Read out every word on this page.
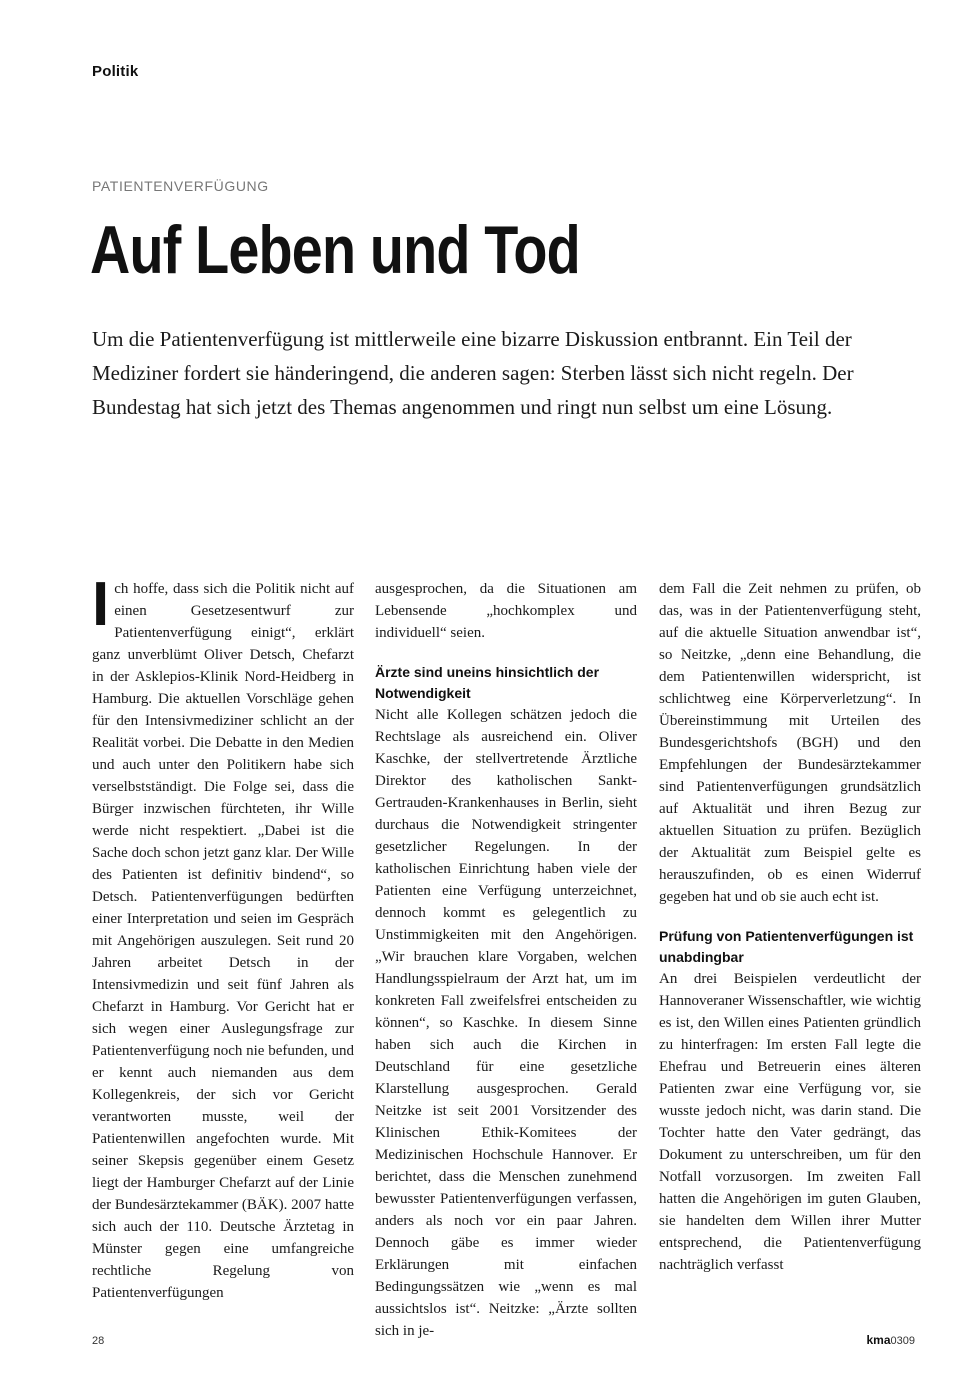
Politik
PATIENTENVERFÜGUNG
Auf Leben und Tod

Um die Patientenverfügung ist mittlerweile eine bizarre Diskussion entbrannt. Ein Teil der Mediziner fordert sie händeringend, die anderen sagen: Sterben lässt sich nicht regeln. Der Bundestag hat sich jetzt des Themas angenommen und ringt nun selbst um eine Lösung.

Ich hoffe, dass sich die Politik nicht auf einen Gesetzesentwurf zur Patientenverfügung einigt“, erklärt ganz unverblümt Oliver Detsch, Chefarzt in der Asklepios-Klinik Nord-Heidberg in Hamburg. Die aktuellen Vorschläge gehen für den Intensivmediziner schlicht an der Realität vorbei. Die Debatte in den Medien und auch unter den Politikern habe sich verselbstständigt. Die Folge sei, dass die Bürger inzwischen fürchteten, ihr Wille werde nicht respektiert. „Dabei ist die Sache doch schon jetzt ganz klar. Der Wille des Patienten ist definitiv bindend“, so Detsch. Patientenverfügungen bedürften einer Interpretation und seien im Gespräch mit Angehörigen auszulegen. Seit rund 20 Jahren arbeitet Detsch in der Intensivmedizin und seit fünf Jahren als Chefarzt in Hamburg. Vor Gericht hat er sich wegen einer Auslegungsfrage zur Patientenverfügung noch nie befunden, und er kennt auch niemanden aus dem Kollegenkreis, der sich vor Gericht verantworten musste, weil der Patientenwillen angefochten wurde. Mit seiner Skepsis gegenüber einem Gesetz liegt der Hamburger Chefarzt auf der Linie der Bundesärztekammer (BÄK). 2007 hatte sich auch der 110. Deutsche Ärztetag in Münster gegen eine umfangreiche rechtliche Regelung von Patientenverfügungen

ausgesprochen, da die Situationen am Lebensende „hochkomplex und individuell“ seien.

Ärzte sind uneins hinsichtlich der Notwendigkeit

Nicht alle Kollegen schätzen jedoch die Rechtslage als ausreichend ein. Oliver Kaschke, der stellvertretende Ärztliche Direktor des katholischen Sankt-Gertrauden-Krankenhauses in Berlin, sieht durchaus die Notwendigkeit stringenter gesetzlicher Regelungen. In der katholischen Einrichtung haben viele der Patienten eine Verfügung unterzeichnet, dennoch kommt es gelegentlich zu Unstimmigkeiten mit den Angehörigen. „Wir brauchen klare Vorgaben, welchen Handlungsspielraum der Arzt hat, um im konkreten Fall zweifelsfrei entscheiden zu können“, so Kaschke. In diesem Sinne haben sich auch die Kirchen in Deutschland für eine gesetzliche Klarstellung ausgesprochen. Gerald Neitzke ist seit 2001 Vorsitzender des Klinischen Ethik-Komitees der Medizinischen Hochschule Hannover. Er berichtet, dass die Menschen zunehmend bewusster Patientenverfügungen verfassen, anders als noch vor ein paar Jahren. Dennoch gäbe es immer wieder Erklärungen mit einfachen Bedingungssätzen wie „wenn es mal aussichtslos ist“. Neitzke: „Ärzte sollten sich in je-

dem Fall die Zeit nehmen zu prüfen, ob das, was in der Patientenverfügung steht, auf die aktuelle Situation anwendbar ist“, so Neitzke, „denn eine Behandlung, die dem Patientenwillen widerspricht, ist schlichtweg eine Körperverletzung“. In Übereinstimmung mit Urteilen des Bundesgerichtshofs (BGH) und den Empfehlungen der Bundesärztekammer sind Patientenverfügungen grundsätzlich auf Aktualität und ihren Bezug zur aktuellen Situation zu prüfen. Bezüglich der Aktualität zum Beispiel gelte es herauszufinden, ob es einen Widerruf gegeben hat und ob sie auch echt ist.

Prüfung von Patientenverfügungen ist unabdingbar

An drei Beispielen verdeutlicht der Hannoveraner Wissenschaftler, wie wichtig es ist, den Willen eines Patienten gründlich zu hinterfragen: Im ersten Fall legte die Ehefrau und Betreuerin eines älteren Patienten zwar eine Verfügung vor, sie wusste jedoch nicht, was darin stand. Die Tochter hatte den Vater gedrängt, das Dokument zu unterschreiben, um für den Notfall vorzusorgen. Im zweiten Fall hatten die Angehörigen im guten Glauben, sie handelten dem Willen ihrer Mutter entsprechend, die Patientenverfügung nachträglich verfasst

28	kma0309
